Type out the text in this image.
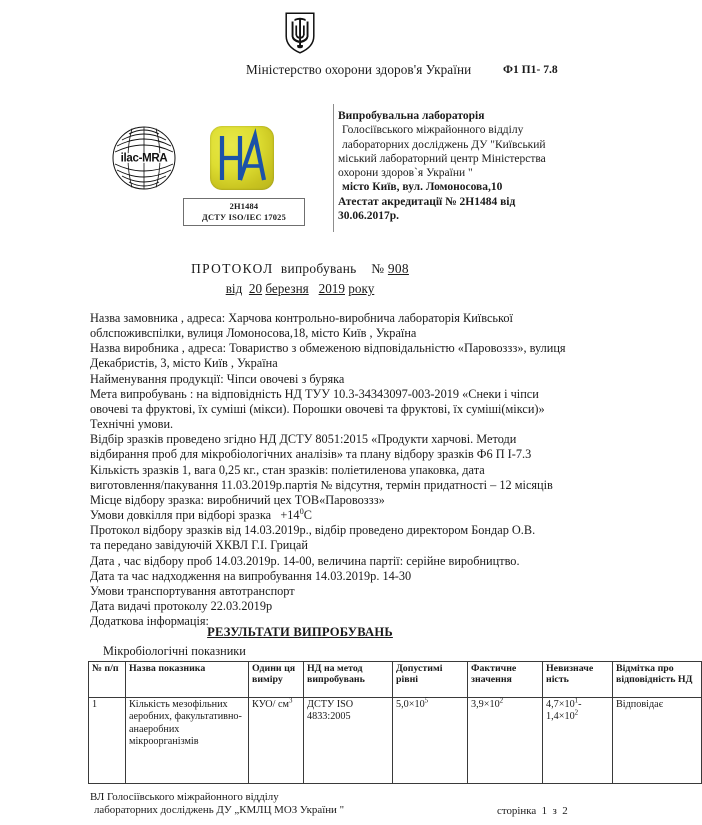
Міністерство охорони здоров'я України	Ф1 П1- 7.8
ilac-MRA
2Н1484
ДСТУ ISO/IEC 17025
Випробувальна лабораторія
Голосіївського міжрайонного відділу
лабораторних досліджень ДУ "Київський
міський лабораторний центр Міністерства
охорони здоров`я України "
місто Київ, вул. Ломоносова,10
Атестат акредитації № 2Н1484 від
30.06.2017р.
ПРОТОКОЛ випробувань № 908
від 20 березня 2019 року

Назва замовника , адреса: Харчова контрольно-виробнича лабораторія Київської

облспоживспілки, вулиця Ломоносова,18, місто Київ , Україна

Назва виробника , адреса: Товариство з обмеженою відповідальністю «Паровоззз», вулиця

Декабристів, 3, місто Київ , Україна

Найменування продукції: Чіпси овочеві з буряка

Мета випробувань : на відповідність НД ТУУ 10.3-34343097-003-2019 «Снеки і чіпси

овочеві та фруктові, їх суміші (мікси). Порошки овочеві та фруктові, їх суміші(мікси)»

Технічні умови.

Відбір зразків проведено згідно НД ДСТУ 8051:2015 «Продукти харчові. Методи

відбирання проб для мікробіологічних аналізів» та плану відбору зразків Ф6 П І-7.3

Кількість зразків 1, вага 0,25 кг., стан зразків: поліетиленова упаковка, дата

виготовлення/пакування 11.03.2019р.партія № відсутня, термін придатності – 12 місяців

Місце відбору зразка: виробничий цех ТОВ«Паровоззз»

Умови довкілля при відборі зразка $+14^0С$

Протокол відбору зразків від 14.03.2019р., відбір проведено директором Бондар О.В.

та передано завідуючій ХКВЛ Г.І. Грицай

Дата , час відбору проб 14.03.2019р. 14-00, величина партії: серійне виробництво.

Дата та час надходження на випробування 14.03.2019р. 14-30

Умови транспортування автотранспорт

Дата видачі протоколу 22.03.2019р

Додаткова інформація:

РЕЗУЛЬТАТИ ВИПРОБУВАНЬ
Мікробіологічні показники
№ п/п	Назва показника	Одини ця виміру	НД на метод випробувань	Допустимі рівні	Фактичне значення	Невизначе ність	Відмітка про відповідність НД
1	Кількість мезофільних аеробних, факультативно-анаеробних мікроорганізмів	КУО/ $см^3$	ДСТУ ISO 4833:2005	$5,0\times 10^5$	$3,9\times 10^2$	$4,7\times 10^1-1,4\times 10^2$	Відповідає
ВЛ Голосіївського міжрайонного відділу
лабораторних досліджень ДУ „КМЛЦ МОЗ України "	сторінка 1 з 2
